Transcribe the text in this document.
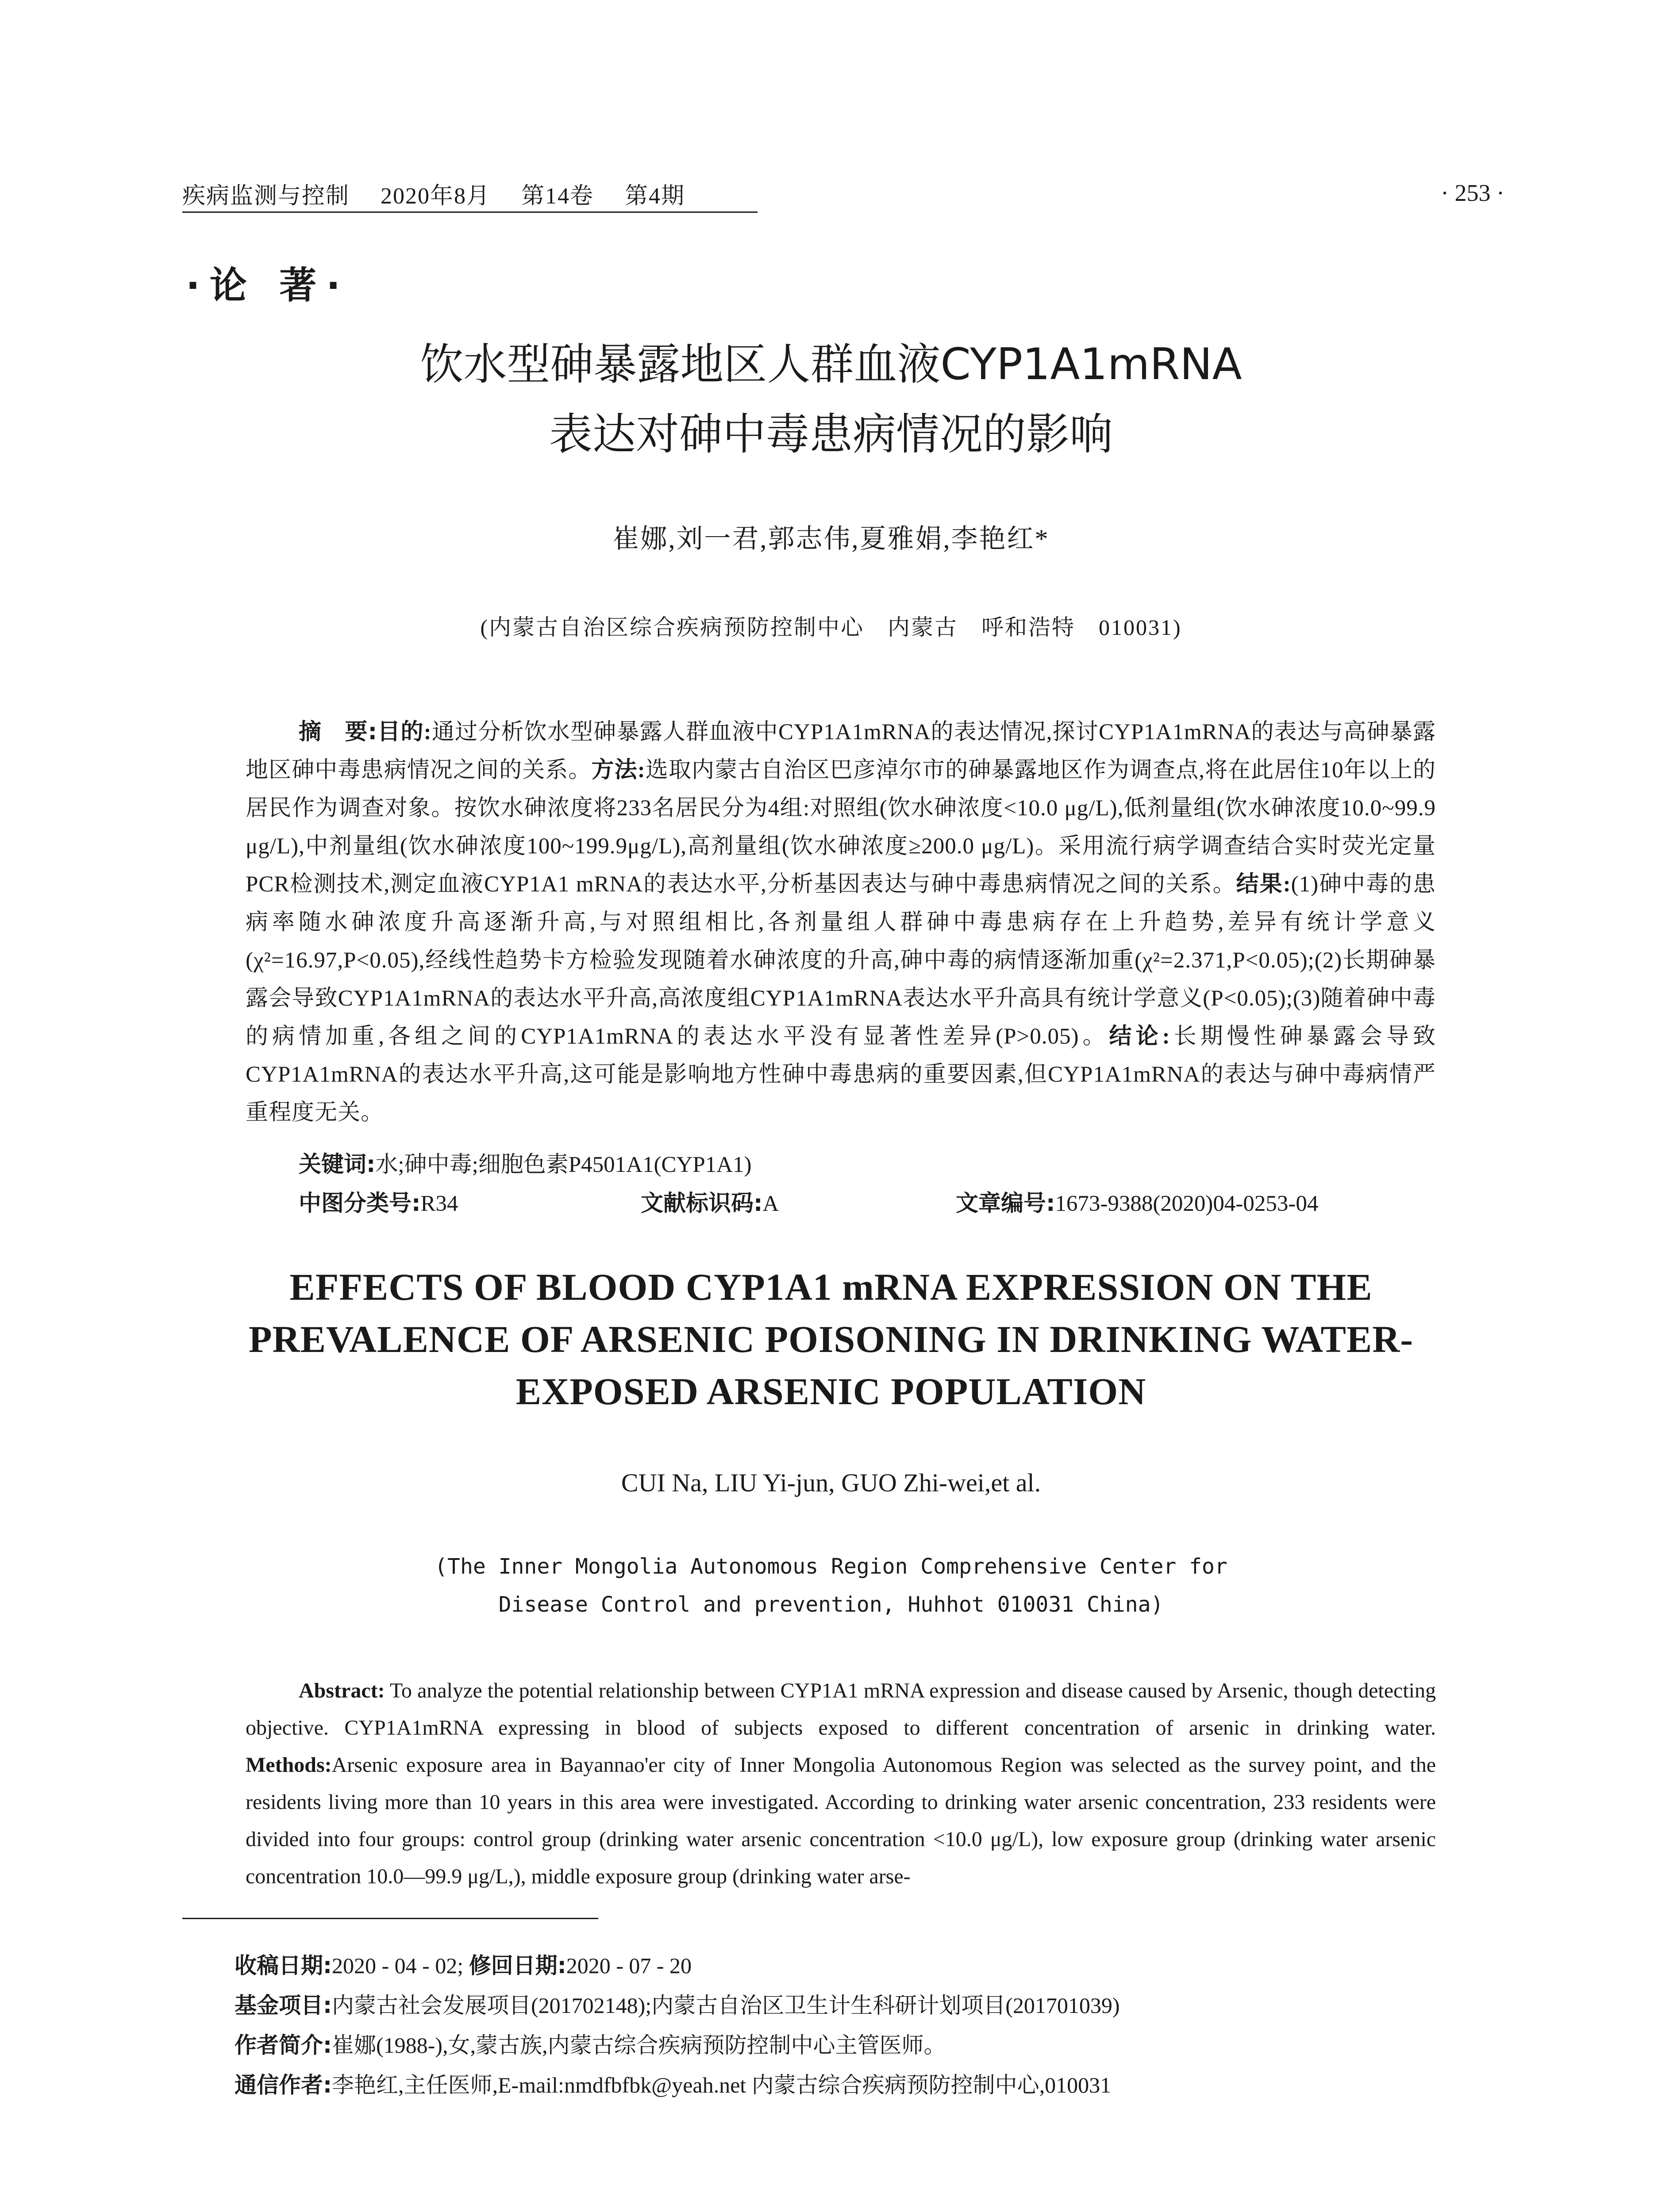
疾病监测与控制 2020年8月 第14卷 第4期	· 253 ·
·论 著·
饮水型砷暴露地区人群血液CYP1A1mRNA
表达对砷中毒患病情况的影响
崔娜,刘一君,郭志伟,夏雅娟,李艳红*
(内蒙古自治区综合疾病预防控制中心　内蒙古　呼和浩特　010031)

摘　要:目的:通过分析饮水型砷暴露人群血液中CYP1A1mRNA的表达情况,探讨CYP1A1mRNA的表达与高砷暴露地区砷中毒患病情况之间的关系。方法:选取内蒙古自治区巴彦淖尔市的砷暴露地区作为调查点,将在此居住10年以上的居民作为调查对象。按饮水砷浓度将233名居民分为4组:对照组(饮水砷浓度<10.0 μg/L),低剂量组(饮水砷浓度10.0~99.9 μg/L),中剂量组(饮水砷浓度100~199.9μg/L),高剂量组(饮水砷浓度≥200.0 μg/L)。采用流行病学调查结合实时荧光定量PCR检测技术,测定血液CYP1A1 mRNA的表达水平,分析基因表达与砷中毒患病情况之间的关系。结果:(1)砷中毒的患病率随水砷浓度升高逐渐升高,与对照组相比,各剂量组人群砷中毒患病存在上升趋势,差异有统计学意义(χ²=16.97,P<0.05),经线性趋势卡方检验发现随着水砷浓度的升高,砷中毒的病情逐渐加重(χ²=2.371,P<0.05);(2)长期砷暴露会导致CYP1A1mRNA的表达水平升高,高浓度组CYP1A1mRNA表达水平升高具有统计学意义(P<0.05);(3)随着砷中毒的病情加重,各组之间的CYP1A1mRNA的表达水平没有显著性差异(P>0.05)。结论:长期慢性砷暴露会导致CYP1A1mRNA的表达水平升高,这可能是影响地方性砷中毒患病的重要因素,但CYP1A1mRNA的表达与砷中毒病情严重程度无关。

关键词:水;砷中毒;细胞色素P4501A1(CYP1A1)
中图分类号:R34	文献标识码:A	文章编号:1673-9388(2020)04-0253-04
EFFECTS OF BLOOD CYP1A1 mRNA EXPRESSION ON THE
PREVALENCE OF ARSENIC POISONING IN DRINKING WATER-
EXPOSED ARSENIC POPULATION
CUI Na, LIU Yi-jun, GUO Zhi-wei,et al.
(The Inner Mongolia Autonomous Region Comprehensive Center for
Disease Control and prevention, Huhhot 010031 China)

Abstract: To analyze the potential relationship between CYP1A1 mRNA expression and disease caused by Arsenic, though detecting objective. CYP1A1mRNA expressing in blood of subjects exposed to different concentration of arsenic in drinking water. Methods:Arsenic exposure area in Bayannao'er city of Inner Mongolia Autonomous Region was selected as the survey point, and the residents living more than 10 years in this area were investigated. According to drinking water arsenic concentration, 233 residents were divided into four groups: control group (drinking water arsenic concentration <10.0 μg/L), low exposure group (drinking water arsenic concentration 10.0—99.9 μg/L,), middle exposure group (drinking water arse-

收稿日期:2020 - 04 - 02; 修回日期:2020 - 07 - 20
基金项目:内蒙古社会发展项目(201702148);内蒙古自治区卫生计生科研计划项目(201701039)
作者简介:崔娜(1988-),女,蒙古族,内蒙古综合疾病预防控制中心主管医师。
通信作者:李艳红,主任医师,E-mail:nmdfbfbk@yeah.net 内蒙古综合疾病预防控制中心,010031
